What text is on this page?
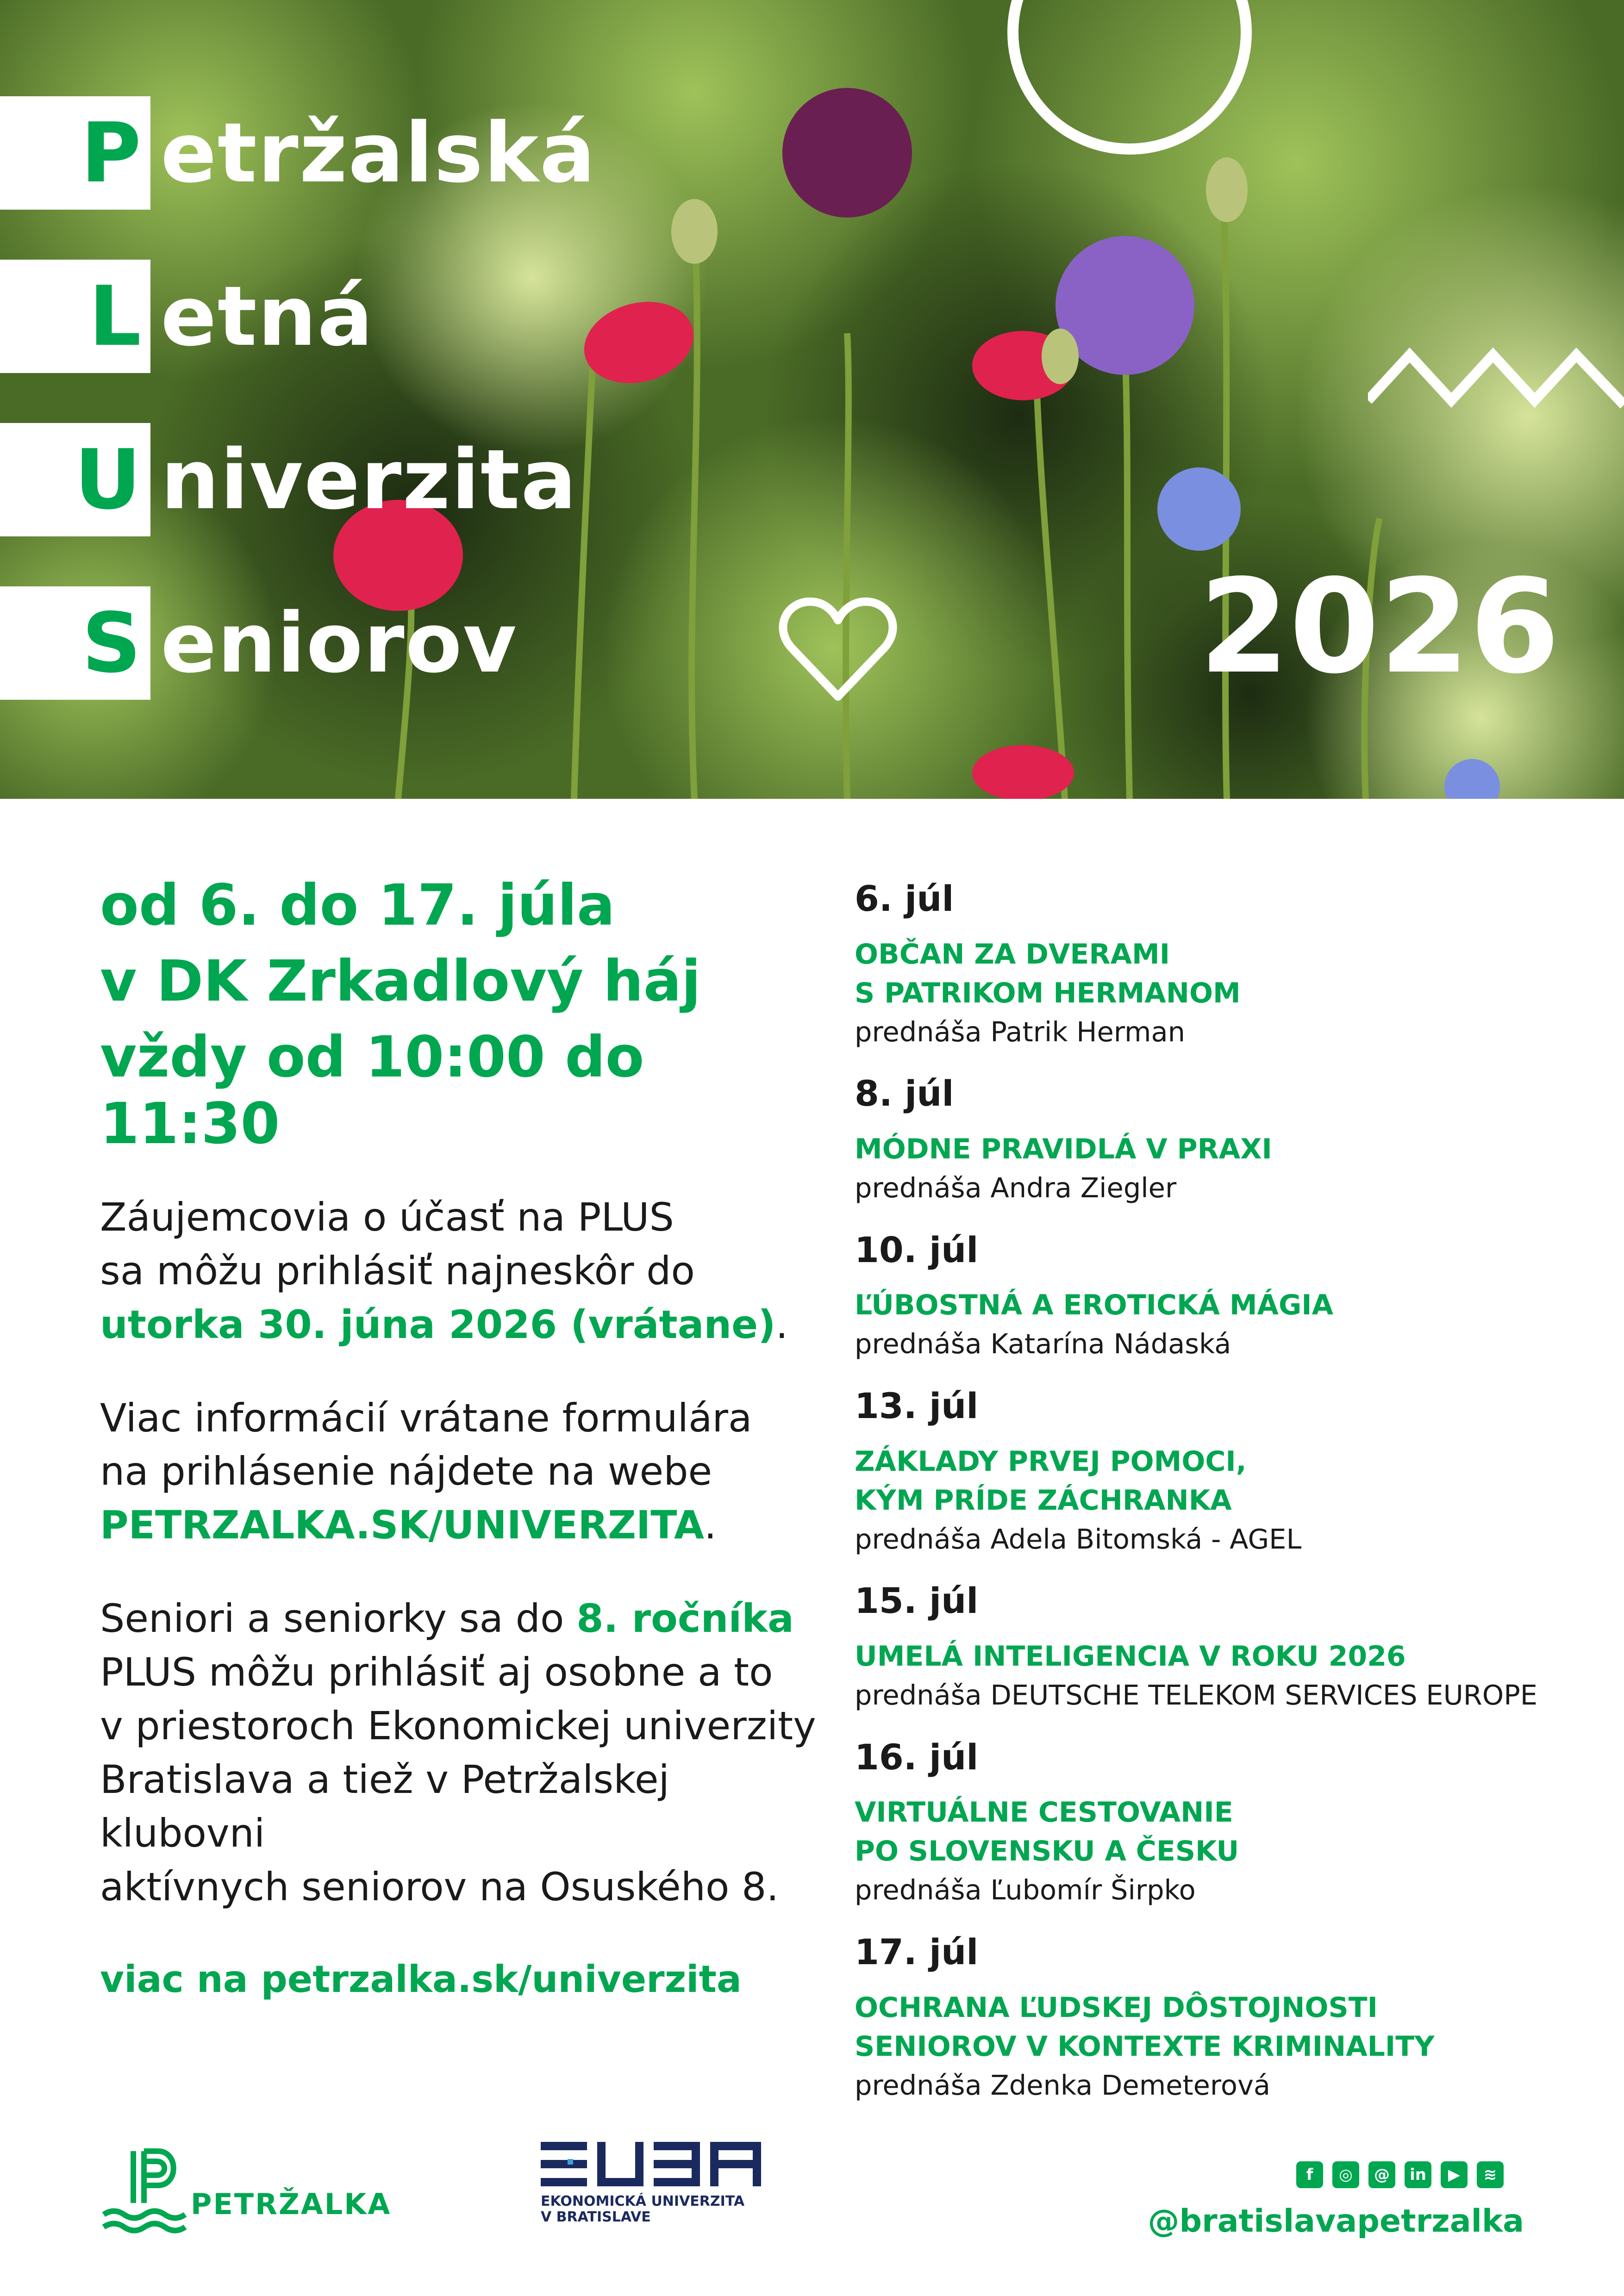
P etržalská
L etná
U niverzita
S eniorov	2026

od 6. do 17. júla

v DK Zrkadlový háj

vždy od 10:00 do 11:30

Záujemcovia o účasť na PLUS
sa môžu prihlásiť najneskôr do
utorka 30. júna 2026 (vrátane).

Viac informácií vrátane formulára
na prihlásenie nájdete na webe
PETRZALKA.SK/UNIVERZITA.

Seniori a seniorky sa do 8. ročníka
PLUS môžu prihlásiť aj osobne a to
v priestoroch Ekonomickej univerzity
Bratislava a tiež v Petržalskej klubovni
aktívnych seniorov na Osuského 8.

viac na petrzalka.sk/univerzita

6. júl
OBČAN ZA DVERAMI
S PATRIKOM HERMANOM
prednáša Patrik Herman
8. júl
MÓDNE PRAVIDLÁ V PRAXI
prednáša Andra Ziegler
10. júl
ĽÚBOSTNÁ A EROTICKÁ MÁGIA
prednáša Katarína Nádaská
13. júl
ZÁKLADY PRVEJ POMOCI,
KÝM PRÍDE ZÁCHRANKA
prednáša Adela Bitomská - AGEL
15. júl
UMELÁ INTELIGENCIA V ROKU 2026
prednáša DEUTSCHE TELEKOM SERVICES EUROPE
16. júl
VIRTUÁLNE CESTOVANIE
PO SLOVENSKU A ČESKU
prednáša Ľubomír Širpko
17. júl
OCHRANA ĽUDSKEJ DÔSTOJNOSTI
SENIOROV V KONTEXTE KRIMINALITY
prednáša Zdenka Demeterová
PETRŽALKA	EKONOMICKÁ UNIVERZITA
V BRATISLAVE
f	◎	@	in	▶	≋
@bratislavapetrzalka
